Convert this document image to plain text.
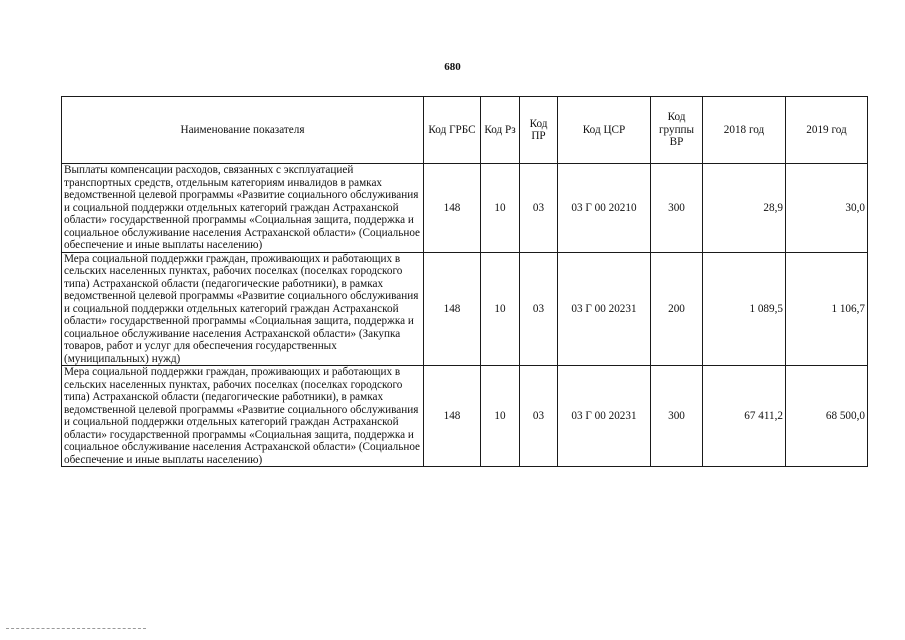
680
Наименование показателя	Код ГРБС	Код Рз	Код ПР	Код ЦСР	Код группы ВР	2018 год	2019 год
Выплаты компенсации расходов, связанных с эксплуатацией транспортных средств, отдельным категориям инвалидов в рамках ведомственной целевой программы «Развитие социального обслуживания и социальной поддержки отдельных категорий граждан Астраханской области» государственной программы «Социальная защита, поддержка и социальное обслуживание населения Астраханской области» (Социальное обеспечение и иные выплаты населению)	148	10	03	03 Г 00 20210	300	28,9	30,0
Мера социальной поддержки граждан, проживающих и работающих в сельских населенных пунктах, рабочих поселках (поселках городского типа) Астраханской области (педагогические работники), в рамках ведомственной целевой программы «Развитие социального обслуживания и социальной поддержки отдельных категорий граждан Астраханской области» государственной программы «Социальная защита, поддержка и социальное обслуживание населения Астраханской области» (Закупка товаров, работ и услуг для обеспечения государственных (муниципальных) нужд)	148	10	03	03 Г 00 20231	200	1 089,5	1 106,7
Мера социальной поддержки граждан, проживающих и работающих в сельских населенных пунктах, рабочих поселках (поселках городского типа) Астраханской области (педагогические работники), в рамках ведомственной целевой программы «Развитие социального обслуживания и социальной поддержки отдельных категорий граждан Астраханской области» государственной программы «Социальная защита, поддержка и социальное обслуживание населения Астраханской области» (Социальное обеспечение и иные выплаты населению)	148	10	03	03 Г 00 20231	300	67 411,2	68 500,0
